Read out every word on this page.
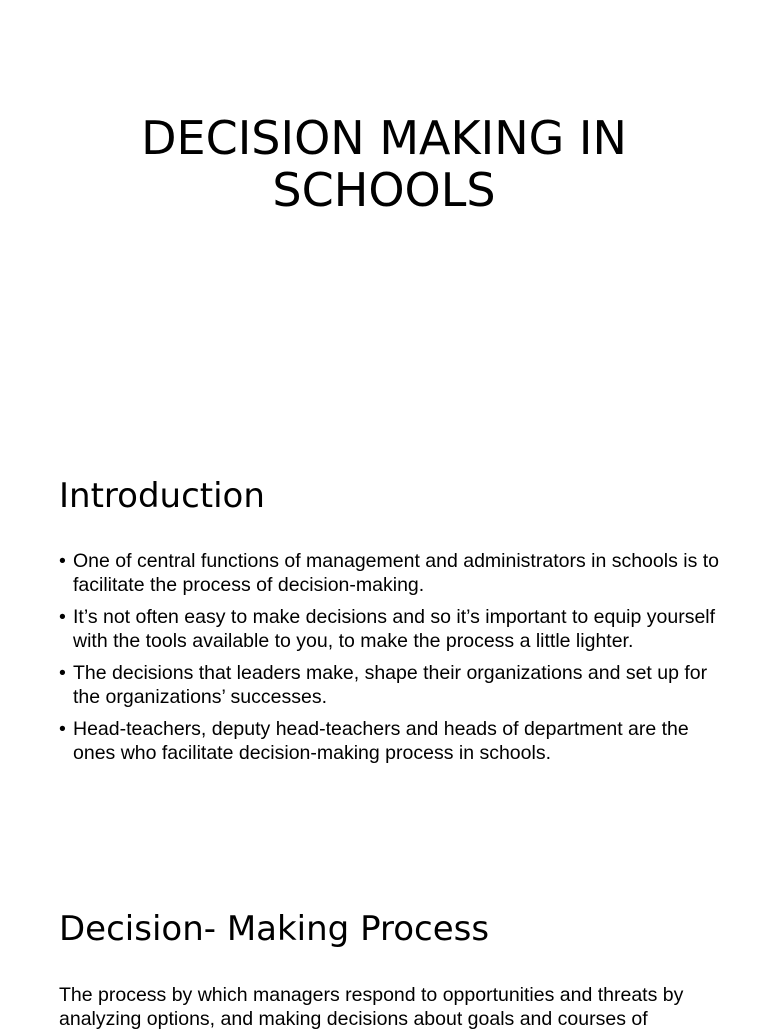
DECISION MAKING IN
SCHOOLS
Introduction
• One of central functions of management and administrators in schools is to facilitate the process of decision-making.
• It’s not often easy to make decisions and so it’s important to equip yourself with the tools available to you, to make the process a little lighter.
• The decisions that leaders make, shape their organizations and set up for the organizations’ successes.
• Head-teachers, deputy head-teachers and heads of department are the ones who facilitate decision-making process in schools.
Decision- Making Process

The process by which managers respond to opportunities and threats by analyzing options, and making decisions about goals and courses of
